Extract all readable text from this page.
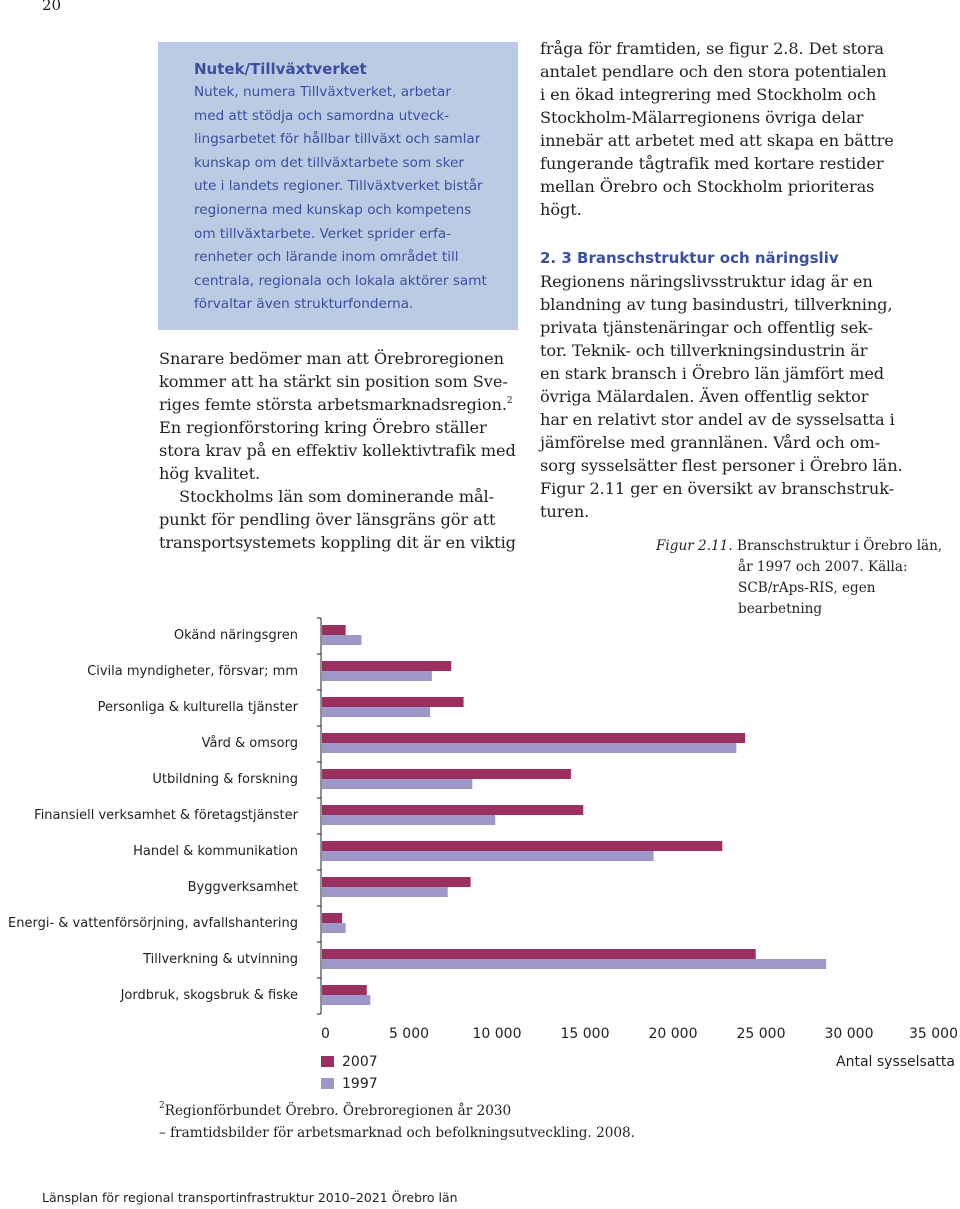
20
Nutek/Tillväxtverket
Nutek, numera Tillväxtverket, arbetar
med att stödja och samordna utveck-
lingsarbetet för hållbar tillväxt och samlar
kunskap om det tillväxtarbete som sker
ute i landets regioner. Tillväxtverket bistår
regionerna med kunskap och kompetens
om tillväxtarbete. Verket sprider erfa-
renheter och lärande inom området till
centrala, regionala och lokala aktörer samt
förvaltar även strukturfonderna.
Snarare bedömer man att Örebroregionen
kommer att ha stärkt sin position som Sve-
riges femte största arbetsmarknadsregion.$^2$
En regionförstoring kring Örebro ställer
stora krav på en effektiv kollektivtrafik med
hög kvalitet.
Stockholms län som dominerande mål-
punkt för pendling över länsgräns gör att
transportsystemets koppling dit är en viktig
fråga för framtiden, se figur 2.8. Det stora
antalet pendlare och den stora potentialen
i en ökad integrering med Stockholm och
Stockholm-Mälarregionens övriga delar
innebär att arbetet med att skapa en bättre
fungerande tågtrafik med kortare restider
mellan Örebro och Stockholm prioriteras
högt.
2. 3 Branschstruktur och näringsliv
Regionens näringslivsstruktur idag är en
blandning av tung basindustri, tillverkning,
privata tjänstenäringar och offentlig sek-
tor. Teknik- och tillverkningsindustrin är
en stark bransch i Örebro län jämfört med
övriga Mälardalen. Även offentlig sektor
har en relativt stor andel av de sysselsatta i
jämförelse med grannlänen. Vård och om-
sorg sysselsätter flest personer i Örebro län.
Figur 2.11 ger en översikt av branschstruk-
turen.
Figur 2.11. Branschstruktur i Örebro län,
år 1997 och 2007. Källa:
SCB/rAps-RIS, egen
bearbetning
Okänd näringsgren
Civila myndigheter, försvar; mm
Personliga & kulturella tjänster
Vård & omsorg
Utbildning & forskning
Finansiell verksamhet & företagstjänster
Handel & kommunikation
Byggverksamhet
Energi- & vattenförsörjning, avfallshantering
Tillverkning & utvinning
Jordbruk, skogsbruk & fiske
0	5 000	10 000	15 000	20 000	25 000	30 000	35 000
Antal sysselsatta
2007
1997
$^2$Regionförbundet Örebro. Örebroregionen år 2030
– framtidsbilder för arbetsmarknad och befolkningsutveckling. 2008.
Länsplan för regional transportinfrastruktur 2010–2021 Örebro län
